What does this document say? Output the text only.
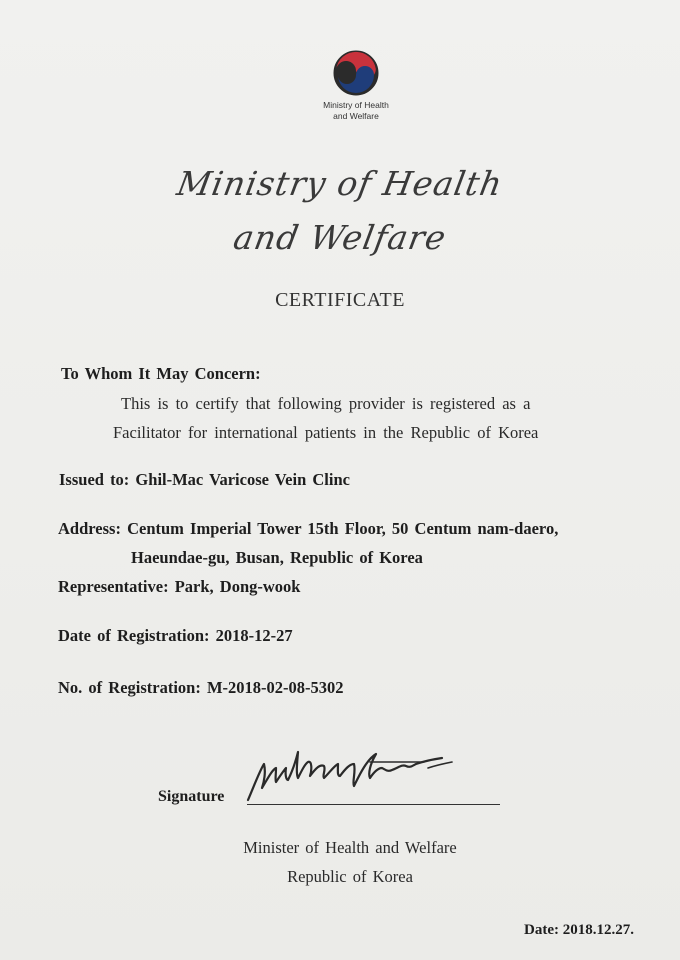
Ministry of Health
and Welfare
Ministry of Health
and Welfare
CERTIFICATE
To Whom It May Concern:
This is to certify that following provider is registered as a
Facilitator for international patients in the Republic of Korea
Issued to: Ghil-Mac Varicose Vein Clinc
Address: Centum Imperial Tower 15th Floor, 50 Centum nam-daero,
Haeundae-gu, Busan, Republic of Korea
Representative: Park, Dong-wook
Date of Registration: 2018-12-27
No. of Registration: M-2018-02-08-5302
Signature
Minister of Health and Welfare
Republic of Korea
Date: 2018.12.27.
